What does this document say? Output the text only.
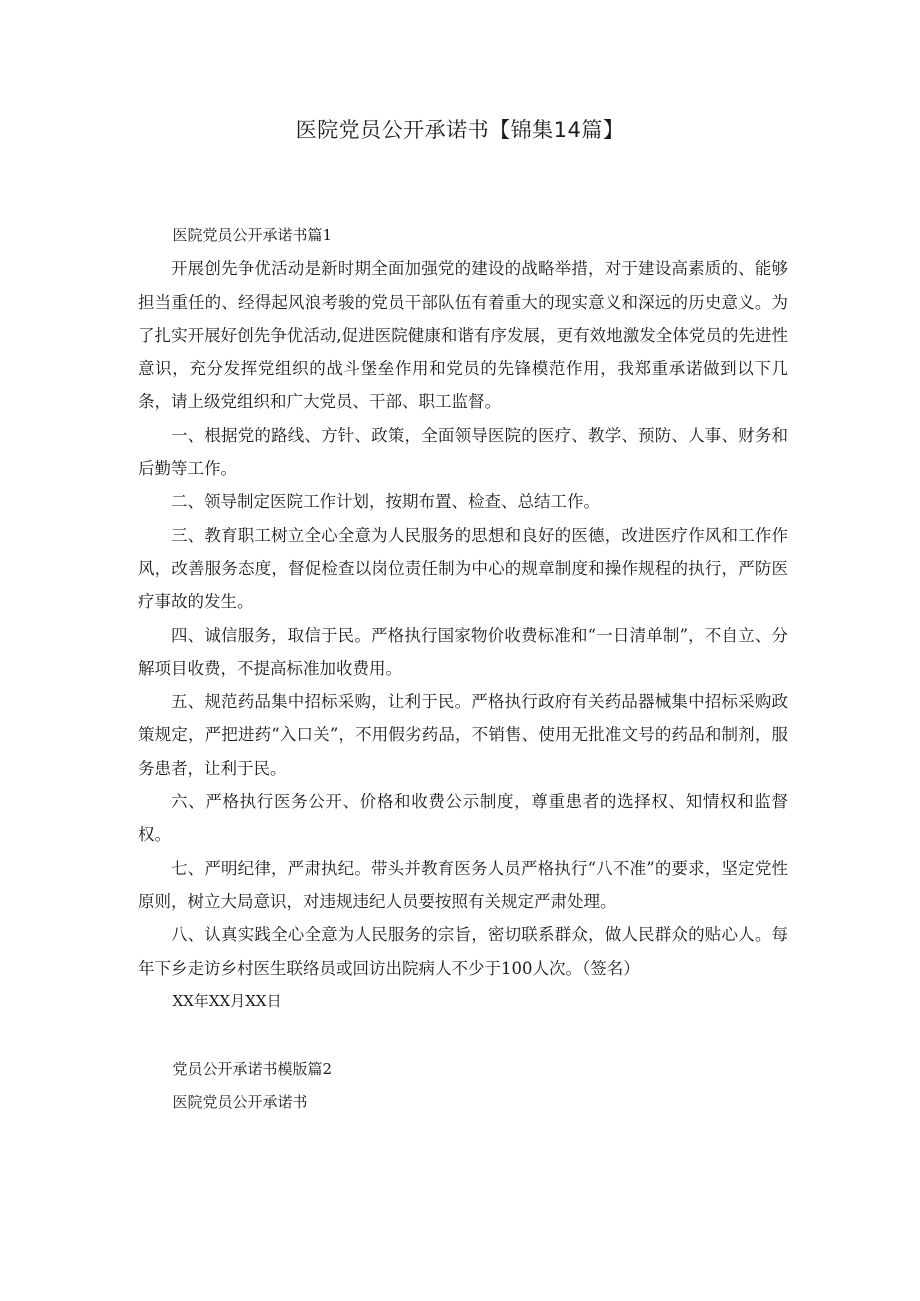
医院党员公开承诺书【锦集14篇】

医院党员公开承诺书篇1

开展创先争优活动是新时期全面加强党的建设的战略举措，对于建设高素质的、能够担当重任的、经得起风浪考骏的党员干部队伍有着重大的现实意义和深远的历史意义。为了扎实开展好创先争优活动,促进医院健康和谐有序发展，更有效地激发全体党员的先进性意识，充分发挥党组织的战斗堡垒作用和党员的先锋模范作用，我郑重承诺做到以下几条，请上级党组织和广大党员、干部、职工监督。

一、根据党的路线、方针、政策，全面领导医院的医疗、教学、预防、人事、财务和后勤等工作。

二、领导制定医院工作计划，按期布置、检查、总结工作。

三、教育职工树立全心全意为人民服务的思想和良好的医德，改进医疗作风和工作作风，改善服务态度，督促检查以岗位责任制为中心的规章制度和操作规程的执行，严防医疗事故的发生。

四、诚信服务，取信于民。严格执行国家物价收费标准和“一日清单制”，不自立、分解项目收费，不提高标准加收费用。

五、规范药品集中招标采购，让利于民。严格执行政府有关药品器械集中招标采购政策规定，严把进药“入口关”，不用假劣药品，不销售、使用无批准文号的药品和制剂，服务患者，让利于民。

六、严格执行医务公开、价格和收费公示制度，尊重患者的选择权、知情权和监督权。

七、严明纪律，严肃执纪。带头并教育医务人员严格执行“八不准”的要求，坚定党性原则，树立大局意识，对违规违纪人员要按照有关规定严肃处理。

八、认真实践全心全意为人民服务的宗旨，密切联系群众，做人民群众的贴心人。每年下乡走访乡村医生联络员或回访出院病人不少于100人次。（签名）

XX年XX月XX日

党员公开承诺书模版篇2

医院党员公开承诺书
